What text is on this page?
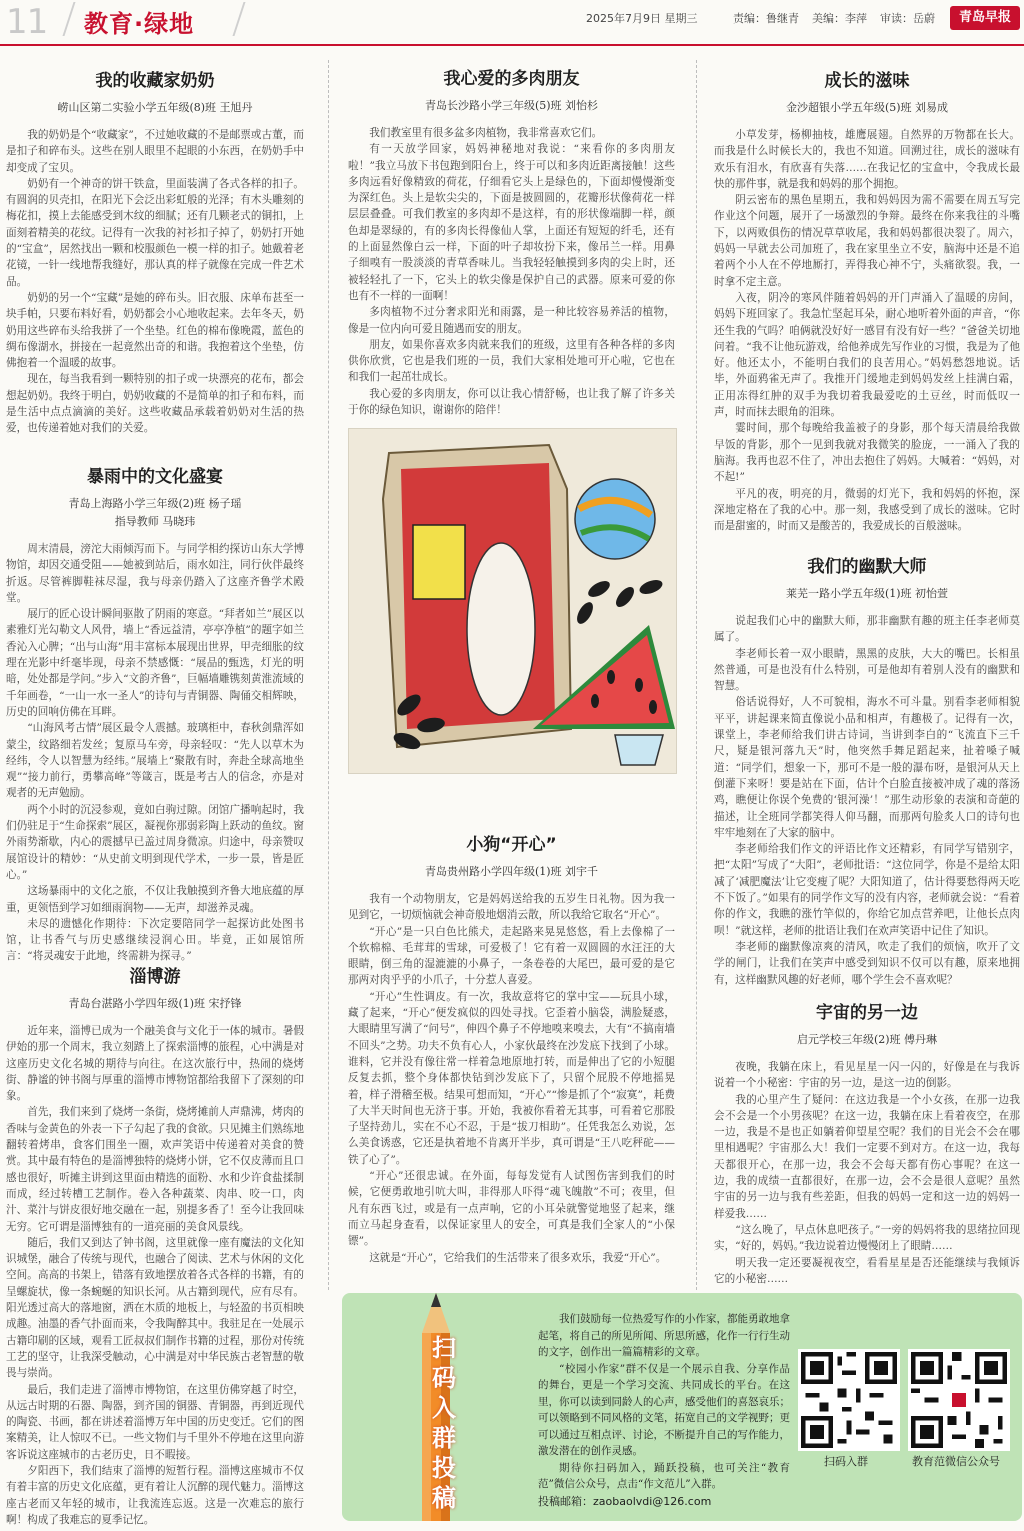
11 教育·绿地	2025年7月9日 星期三	责编：鲁继青 美编：李萍 审读：岳蔚	青岛早报
我的收藏家奶奶
崂山区第二实验小学五年级(8)班 王旭丹

我的奶奶是个“收藏家”，不过她收藏的不是邮票或古董，而是扣子和碎布头。这些在别人眼里不起眼的小东西，在奶奶手中却变成了宝贝。

奶奶有一个神奇的饼干铁盒，里面装满了各式各样的扣子。有圆润的贝壳扣，在阳光下会泛出彩虹般的光泽；有木头雕刻的梅花扣，摸上去能感受到木纹的细腻；还有几颗老式的铜扣，上面刻着精美的花纹。记得有一次我的衬衫扣子掉了，奶奶打开她的“宝盒”，居然找出一颗和校服颜色一模一样的扣子。她戴着老花镜，一针一线地帮我缝好，那认真的样子就像在完成一件艺术品。

奶奶的另一个“宝藏”是她的碎布头。旧衣服、床单布甚至一块手帕，只要布料好看，奶奶都会小心地收起来。去年冬天，奶奶用这些碎布头给我拼了一个坐垫。红色的棉布像晚霞，蓝色的绸布像湖水，拼接在一起竟然出奇的和谐。我抱着这个坐垫，仿佛抱着一个温暖的故事。

现在，每当我看到一颗特别的扣子或一块漂亮的花布，都会想起奶奶。我终于明白，奶奶收藏的不是简单的扣子和布料，而是生活中点点滴滴的美好。这些收藏品承载着奶奶对生活的热爱，也传递着她对我们的关爱。

暴雨中的文化盛宴
青岛上海路小学三年级(2)班 杨子瑶
指导教师 马晓玮

周末清晨，滂沱大雨倾泻而下。与同学相约探访山东大学博物馆，却因交通受阻——她被到站后，雨水如注，同行伙伴最终折返。尽管裤脚鞋袜尽湿，我与母亲仍踏入了这座齐鲁学术殿堂。

展厅的匠心设计瞬间驱散了阴雨的寒意。“拜者如兰”展区以素雅灯光勾勒文人风骨，墙上“香远益清，亭亭净植”的题字如兰香沁入心脾；“出与山海”用丰富标本展现出世界，甲壳细胀的纹理在光影中纤毫毕现，母亲不禁感慨：“展品的甄选，灯光的明暗，处处都是学问。”步入“文韵齐鲁”，巨幅墙雕镌刻黄淮流域的千年画卷，“一山一水一圣人”的诗句与青铜器、陶俑交相辉映，历史的回响仿佛在耳畔。

“山海风考古情”展区最令人震撼。玻璃柜中，春秋剑鼎浑如蒙尘，纹路细若发丝；复原马车旁，母亲轻叹：“先人以草木为经纬，令人以智慧为经纬。”展墙上“聚散有时，奔赴全球高地坐观”“接力前行，勇攀高峰”等箴言，既是考古人的信念，亦是对观者的无声勉励。

两个小时的沉浸参观，竟如白驹过隙。闭馆广播响起时，我们仍驻足于“生命探索”展区，凝视你那弱彩陶上跃动的鱼纹。窗外雨势渐歇，内心的震撼早已盖过周身微凉。归途中，母亲赞叹展馆设计的精妙：“从史前文明到现代学术，一步一景，皆是匠心。”

这场暴雨中的文化之旅，不仅让我触摸到齐鲁大地底蕴的厚重，更领悟到学习如细雨润物——无声，却滋养灵魂。

未尽的遗憾化作期待：下次定要陪同学一起探访此处图书馆，让书香气与历史感继续浸润心田。毕竟，正如展馆所言：“将灵魂安于此地，终需耕为探寻。”

淄博游
青岛台湛路小学四年级(1)班 宋抒锋

近年来，淄博已成为一个融美食与文化于一体的城市。暑假伊始的那一个周末，我立刻踏上了探索淄博的旅程，心中满是对这座历史文化名城的期待与向往。在这次旅行中，热闹的烧烤街、静谧的钟书阁与厚重的淄博市博物馆都给我留下了深刻的印象。

首先，我们来到了烧烤一条街，烧烤摊前人声鼎沸，烤肉的香味与金黄色的外表一下子勾起了我的食欲。只见摊主们熟练地翻转着烤串，食客们围坐一圈，欢声笑语中传递着对美食的赞赏。其中最有特色的是淄博独特的烧烤小饼，它不仅皮薄而且口感也很好，听摊主讲到这里面由精选的面粉、水和少许食盐揉制而成，经过转槽工艺制作。卷入各种蔬菜、肉串、咬一口，肉汁、菜汁与饼皮很好地交融在一起，别提多香了！至今让我回味无穷。它可谓是淄博独有的一道亮丽的美食风景线。

随后，我们又到达了钟书阁，这里就像一座有魔法的文化知识城堡，融合了传统与现代，也融合了阅读、艺术与休闲的文化空间。高高的书架上，错落有致地摆放着各式各样的书籍，有的呈螺旋状，像一条蜿蜒的知识长河。从古籍到现代，应有尽有。阳光透过高大的落地窗，洒在木质的地板上，与轻盈的书页相映成趣。油墨的香气扑面而来，令我陶醉其中。我驻足在一处展示古籍印刷的区域，观看工匠叔叔们制作书籍的过程，那份对传统工艺的坚守，让我深受触动，心中满是对中华民族古老智慧的敬畏与崇尚。

最后，我们走进了淄博市博物馆，在这里仿佛穿越了时空，从远古时期的石器、陶器，到齐国的铜器、青铜器，再到近现代的陶瓷、书画，都在讲述着淄博万年中国的历史变迁。它们的图案精美，让人惊叹不已。一些文物们与千里外不停地在这里向游客诉说这座城市的古老历史，日不暇接。

夕阳西下，我们结束了淄博的短暂行程。淄博这座城市不仅有着丰富的历史文化底蕴，更有着让人沉醉的现代魅力。淄博这座古老而又年轻的城市，让我流连忘返。这是一次难忘的旅行啊！构成了我难忘的夏季记忆。

我心爱的多肉朋友
青岛长沙路小学三年级(5)班 刘怡杉

我们教室里有很多盆多肉植物，我非常喜欢它们。

有一天放学回家，妈妈神秘地对我说：“来看你的多肉朋友啦！”我立马放下书包跑到阳台上，终于可以和多肉近距离接触！这些多肉远看好像精致的荷花，仔细看它头上是绿色的，下面却慢慢渐变为深红色。头上是软尖尖的，下面是披圆圆的，花瓣形状像荷花一样层层叠叠。可我们教室的多肉却不是这样，有的形状像端脚一样，颜色却是翠绿的，有的多肉长得像仙人掌，上面还有短短的纤毛，还有的上面显然像白云一样，下面的叶子却妆扮下来，像吊兰一样。用鼻子细嗅有一股淡淡的青草香味儿。当我轻轻触摸到多肉的尖上时，还被轻轻扎了一下，它头上的软尖像是保护自己的武器。原来可爱的你也有不一样的一面啊！

多肉植物不过分奢求阳光和雨露，是一种比较容易养活的植物，像是一位内向可爱且随遇而安的朋友。

朋友，如果你喜欢多肉就来我们的班级，这里有各种各样的多肉供你欣赏，它也是我们班的一员，我们大家相处地可开心啦，它也在和我们一起茁壮成长。

我心爱的多肉朋友，你可以让我心情舒畅，也让我了解了许多关于你的绿色知识，谢谢你的陪伴！

小狗“开心”
青岛贵州路小学四年级(1)班 刘宇千

我有一个动物朋友，它是妈妈送给我的五岁生日礼物。因为我一见到它，一切烦恼就会神奇般地烟消云散，所以我给它取名“开心”。

“开心”是一只白色比熊犬，走起路来晃晃悠悠，看上去像棉了一个软棉棉、毛茸茸的雪球，可爱极了！它有着一双圆圆的水汪汪的大眼睛，倒三角的湿漉漉的小鼻子，一条卷卷的大尾巴，最可爱的是它那两对肉乎乎的小爪子，十分惹人喜爱。

“开心”生性调皮。有一次，我故意将它的掌中宝——玩具小球，藏了起来，“开心”便发疯似的四处寻找。它歪着小脑袋，满脸疑惑，大眼睛里写满了“问号”，伸四个鼻子不停地嗅来嗅去，大有“不搞南墙不回头”之势。功夫不负有心人，小家伙最终在沙发底下找到了小球。谁料，它并没有像往常一样着急地原地打转，而是伸出了它的小短腿反复去抓，整个身体都快钻到沙发底下了，只留个屁股不停地摇晃着，样子滑稽至极。结果可想而知，“开心”“惨是抓了个“寂寞”，耗费了大半天时间也无济于事。开始，我被你看着无其事，可看着它那股子坚持劲儿，实在不心不忍，于是“拔刀相助”。任凭我怎么劝说，怎么美食诱惑，它还是执着地不肯离开半步，真可谓是“王八吃秤砣——铁了心了”。

“开心”还很忠诚。在外面，每每发觉有人试图伤害到我们的时候，它便勇敢地引吭大叫，非得那人吓得“魂飞魄散”不可；夜里，但凡有东西飞过，或是有一点声响，它的小耳朵就警觉地竖了起来，继而立马起身查看，以保证家里人的安全，可真是我们全家人的“小保镖”。

这就是“开心”，它给我们的生活带来了很多欢乐，我爱“开心”。

成长的滋味
金沙超银小学五年级(5)班 刘易成

小草发芽，杨柳抽枝，雄鹰展翅。自然界的万物都在长大。而我是什么时候长大的，我也不知道。回溯过往，成长的滋味有欢乐有泪水，有欣喜有失落……在我记忆的宝盒中，令我成长最快的那件事，就是我和妈妈的那个拥抱。

阴云密布的黑色星期五，我和妈妈因为需不需要在周五写完作业这个问题，展开了一场激烈的争辩。最终在你来我往的斗嘴下，以两败俱伤的情况草草收尾，我和妈妈都很决裂了。周六，妈妈一早就去公司加班了，我在家里坐立不安，脑海中还是不追着两个小人在不停地厮打，弄得我心神不宁，头痛欲裂。我，一时拿不定主意。

入夜，阴冷的寒风伴随着妈妈的开门声涌入了温暖的房间，妈妈下班回家了。我急忙坚起耳朵，耐心地听着外面的声音，“你还生我的气吗？咱俩就没好好一感冒有没有好一些？”爸爸关切地问着。“我不让他玩游戏，给他养成先写作业的习惯，我是为了他好。他还太小，不能明白我们的良苦用心。”妈妈愁怨地说。话毕，外面鸦雀无声了。我推开门缓地走到妈妈发丝上挂满白霜，正用冻得红肿的双手为我切着我最爱吃的土豆丝，时而低叹一声，时而抹去眼角的泪珠。

霎时间，那个每晚给我盖被子的身影，那个每天清晨给我做早饭的背影，那个一见到我就对我微笑的脸庞，一一涌入了我的脑海。我再也忍不住了，冲出去抱住了妈妈。大喊着：“妈妈，对不起!”

平凡的夜，明亮的月，微弱的灯光下，我和妈妈的怀抱，深深地定格在了我的心中。那一刻，我感受到了成长的滋味。它时而是甜蜜的，时而又是酸苦的，我爱成长的百般滋味。

我们的幽默大师
莱芜一路小学五年级(1)班 初怡萱

说起我们心中的幽默大师，那非幽默有趣的班主任李老师莫属了。

李老师长着一双小眼睛，黑黑的皮肤，大大的嘴巴。长相虽然普通，可是也没有什么特别，可是他却有着别人没有的幽默和智慧。

俗话说得好，人不可貌相，海水不可斗量。别看李老师相貌平平，讲起课来简直像说小品和相声，有趣极了。记得有一次，课堂上，李老师给我们讲古诗词，当讲到李白的“飞流直下三千尺，疑是银河落九天”时，他突然手舞足蹈起来，扯着嗓子喊道：“同学们，想象一下，那可不是一般的瀑布呀，是银河从天上倒灌下来呀！要是站在下面，估计个白脸直接被冲成了魂的落汤鸡，瞧便让你误个免费的‘银河澡’！”那生动形象的表演和奇葩的描述，让全班同学都笑得人仰马翻，而那两句脸炙人口的诗句也牢牢地刻在了大家的脑中。

李老师给我们作文的评语比作文还精彩，有同学写错别字，把“太阳”写成了“大阳”，老师批语：“这位同学，你是不是给太阳减了‘减肥魔法’让它变瘦了呢？大阳知道了，估计得要愁得两天吃不下饭了。”如果有的同学作文写的没有内容，老师就会说：“看着你的作文，我瞧的涨竹竿似的，你给它加点营养吧，让他长点肉呗！”就这样，老师的批语让我们在欢声笑语中记住了知识。

李老师的幽默像凉爽的清风，吹走了我们的烦恼，吹开了文学的闸门，让我们在笑声中感受到知识不仅可以有趣，原来地拥有，这样幽默风趣的好老师，哪个学生会不喜欢呢？

宇宙的另一边
启元学校三年级(2)班 傅丹琳

夜晚，我躺在床上，看见星星一闪一闪的，好像是在与我诉说着一个小秘密：宇宙的另一边，是这一边的倒影。

我的心里产生了疑问：在这边我是一个小女孩，在那一边我会不会是一个小男孩呢？在这一边，我躺在床上看着夜空，在那一边，我是不是也正如躺着仰望星空呢？我们的目光会不会在哪里相遇呢？宇宙那么大！我们一定要不到对方。在这一边，我每天都很开心，在那一边，我会不会每天都有伤心事呢？在这一边，我的成绩一直都很好，在那一边，会不会是很人意呢？虽然宇宙的另一边与我有些差距，但我的妈妈一定和这一边的妈妈一样爱我……

“这么晚了，早点休息吧孩子。”一旁的妈妈将我的思绪拉回现实，“好的，妈妈。”我边说着边慢慢闭上了眼睛……

明天我一定还要凝视夜空，看看星星是否还能继续与我倾诉它的小秘密……

扫码入群投稿

我们鼓励每一位热爱写作的小作家，都能勇敢地拿起笔，将自己的所见所闻、所思所感，化作一行行生动的文字，创作出一篇篇精彩的文章。

“校园小作家”群不仅是一个展示自我、分享作品的舞台，更是一个学习交流、共同成长的平台。在这里，你可以读到同龄人的心声，感受他们的喜怒哀乐；可以领略到不同风格的文笔，拓宽自己的文学视野；更可以通过互相点评、讨论，不断提升自己的写作能力，激发潜在的创作灵感。

期待你扫码加入，踊跃投稿，也可关注“教育范”微信公众号，点击“作文范儿”入群。

投稿邮箱：zaobaolvdi@126.com
扫码入群	教育范微信公众号
